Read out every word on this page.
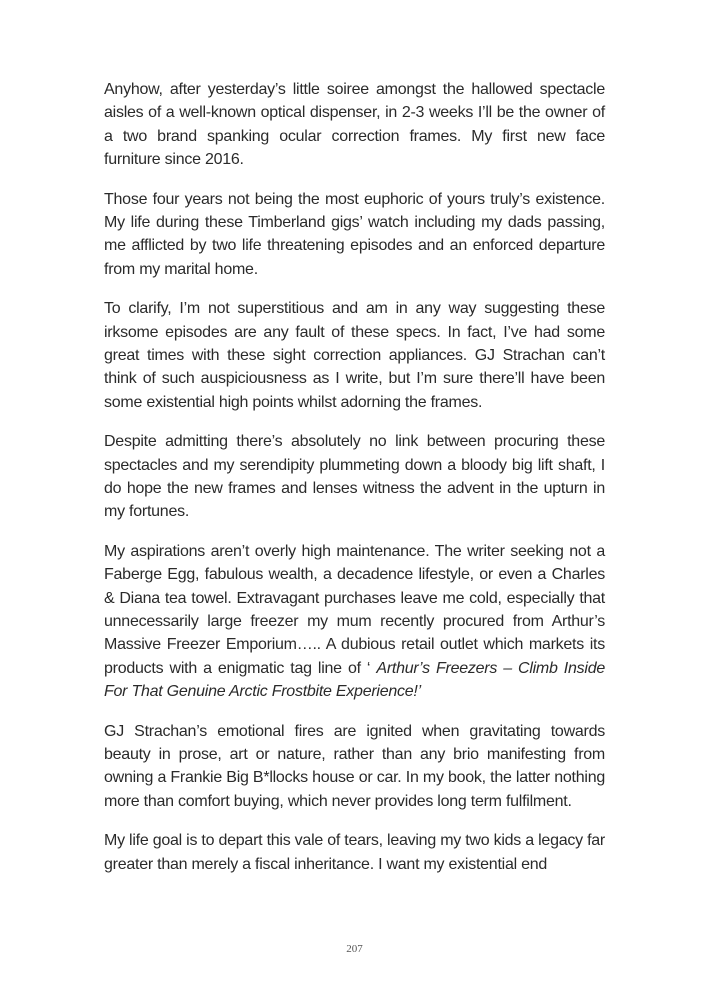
Anyhow, after yesterday’s little soiree amongst the hallowed spectacle aisles of a well-known optical dispenser, in 2-3 weeks I’ll be the owner of a two brand spanking ocular correction frames. My first new face furniture since 2016.

Those four years not being the most euphoric of yours truly’s existence. My life during these Timberland gigs’ watch including my dads passing, me afflicted by two life threatening episodes and an enforced departure from my marital home.

To clarify, I’m not superstitious and am in any way suggesting these irksome episodes are any fault of these specs. In fact, I’ve had some great times with these sight correction appliances. GJ Strachan can’t think of such auspiciousness as I write, but I’m sure there’ll have been some existential high points whilst adorning the frames.

Despite admitting there’s absolutely no link between procuring these spectacles and my serendipity plummeting down a bloody big lift shaft, I do hope the new frames and lenses witness the advent in the upturn in my fortunes.

My aspirations aren’t overly high maintenance. The writer seeking not a Faberge Egg, fabulous wealth, a decadence lifestyle, or even a Charles & Diana tea towel. Extravagant purchases leave me cold, especially that unnecessarily large freezer my mum recently procured from Arthur’s Massive Freezer Emporium….. A dubious retail outlet which markets its products with a enigmatic tag line of ‘ Arthur’s Freezers – Climb Inside For That Genuine Arctic Frostbite Experience!’

GJ Strachan’s emotional fires are ignited when gravitating towards beauty in prose, art or nature, rather than any brio manifesting from owning a Frankie Big B*llocks house or car. In my book, the latter nothing more than comfort buying, which never provides long term fulfilment.

My life goal is to depart this vale of tears, leaving my two kids a legacy far greater than merely a fiscal inheritance. I want my existential end

207
